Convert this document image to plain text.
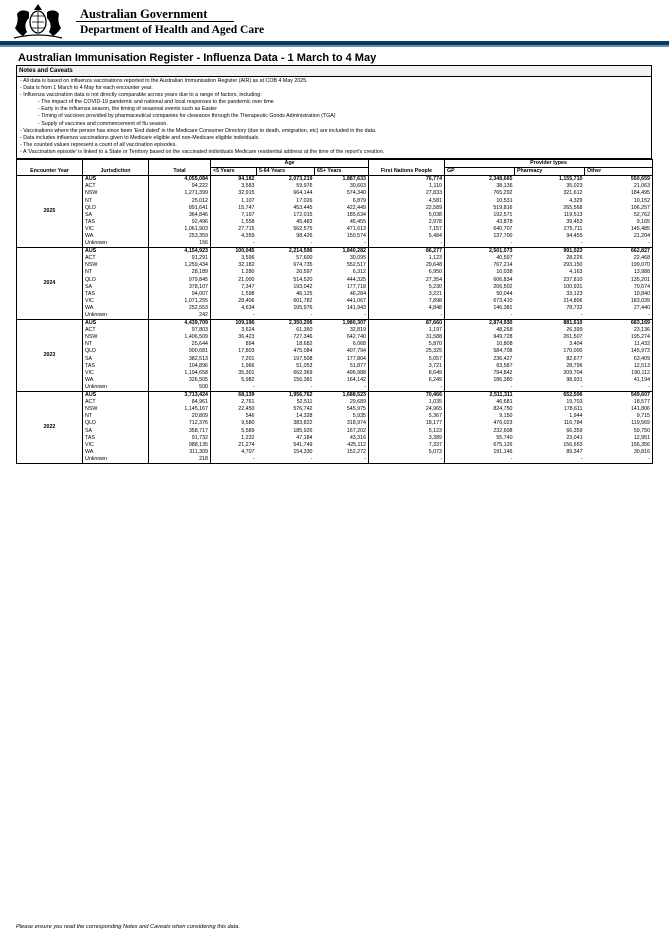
Australian Government
Department of Health and Aged Care
Australian Immunisation Register - Influenza Data - 1 March to 4 May
Notes and Caveats
- All data is based on influenza vaccinations reported to the Australian Immunisation Register (AIR) as at COB 4 May 2025.
- Data is from 1 March to 4 May for each encounter year.
- Influenza vaccination data is not directly comparable across years due to a range of factors, including:
- The impact of the COVID-19 pandemic and national and local responses to the pandemic over time
- Early in the influenza season, the timing of seasonal events such as Easter
- Timing of vaccines provided by pharmaceutical companies for clearance through the Therapeutic Goods Administration (TGA)
- Supply of vaccines and commencement of flu season.
- Vaccinations where the person has since been 'End dated' in the Medicare Consumer Directory (due to death, emigration, etc) are included in the data.
- Data includes influenza vaccinations given to Medicare eligible and non-Medicare eligible individuals.
- The counted values represent a count of all vaccination episodes.
- A 'Vaccination episode' is linked to a State or Territory based on the vaccinated individuals Medicare residential address at the time of the report's creation.
			Age				Provider types		
Encounter Year	Jurisdiction	Total	<5 Years	5-64 Years	65+ Years	First Nations People	GP	Pharmacy	Other
2025	AUS	4,055,084	94,182	2,073,219	1,887,633	76,774	2,348,665	1,155,710	550,659
	ACT	94,222	3,583	59,976	30,663	1,110	38,136	35,023	21,063
	NSW	1,271,399	32,915	664,144	574,340	27,833	765,292	321,612	184,495
	NT	25,012	1,107	17,026	6,879	4,581	10,531	4,329	10,152
	QLD	891,641	15,747	453,445	422,449	22,589	519,816	265,568	106,257
	SA	364,846	7,197	172,015	185,634	5,038	192,571	119,513	52,762
	TAS	92,496	1,558	45,483	45,455	2,978	43,878	39,453	9,165
	VIC	1,061,903	27,715	562,575	471,613	7,157	640,707	275,711	145,485
	WA	253,359	4,359	98,426	150,574	5,484	137,700	94,455	21,204
	Unknown	156	-	-	-	-	-	-	-
2024	AUS	4,154,923	100,045	2,214,596	1,840,282	86,277	2,501,073	991,023	662,827
	ACT	91,291	3,596	57,600	30,095	1,123	40,597	28,226	22,468
	NSW	1,259,434	32,182	674,735	552,517	29,648	767,214	293,150	199,070
	NT	28,189	1,280	20,597	6,312	6,950	10,038	4,163	13,988
	QLD	979,845	21,000	514,520	444,325	27,354	606,834	237,810	135,201
	SA	378,107	7,347	193,042	177,718	5,230	206,502	100,931	70,674
	TAS	94,007	1,598	46,125	46,284	3,221	50,044	33,123	10,840
	VIC	1,071,255	28,406	601,782	441,067	7,898	673,410	214,806	183,039
	WA	252,553	4,634	105,976	141,943	4,848	146,381	78,732	27,440
	Unknown	242	-	-	-	-	-	-	-
2023	AUS	4,439,709	109,196	2,350,206	1,980,307	87,660	2,874,930	881,610	683,169
	ACT	97,803	3,624	61,360	32,819	1,197	48,268	26,399	23,136
	NSW	1,406,509	36,423	727,346	642,740	31,588	949,728	261,507	195,274
	NT	25,644	894	18,682	6,068	5,870	10,808	3,404	11,432
	QLD	900,681	17,803	475,084	407,794	25,325	584,708	170,000	145,973
	SA	382,513	7,201	197,508	177,804	5,057	236,427	82,677	63,409
	TAS	104,896	1,966	51,053	51,877	3,721	63,587	28,796	12,513
	VIC	1,194,658	35,301	662,369	496,988	8,649	794,842	209,704	190,112
	WA	326,505	5,982	156,381	164,142	6,249	186,380	98,931	41,194
	Unknown	500	-	-	-	-	-	-	-
2022	AUS	3,713,424	68,139	1,956,762	1,688,523	70,466	2,511,311	652,506	549,607
	ACT	84,961	2,761	52,511	29,689	1,035	46,681	19,703	18,577
	NSW	1,145,167	22,450	576,742	545,975	24,965	824,750	178,611	141,806
	NT	20,809	546	14,328	5,935	5,367	9,150	1,944	9,715
	QLD	712,376	9,580	383,822	318,974	18,177	476,023	116,784	119,569
	SA	358,717	5,589	185,926	167,202	5,123	232,608	66,359	59,750
	TAS	91,732	1,232	47,184	43,316	3,389	55,740	23,041	12,951
	VIC	988,135	21,274	541,749	425,112	7,337	675,126	156,653	156,356
	WA	311,309	4,707	154,330	152,272	5,073	191,146	89,347	30,816
	Unknown	218	-	-	-	-	-	-	-
Please ensure you read the corresponding Notes and Caveats when considering this data.
